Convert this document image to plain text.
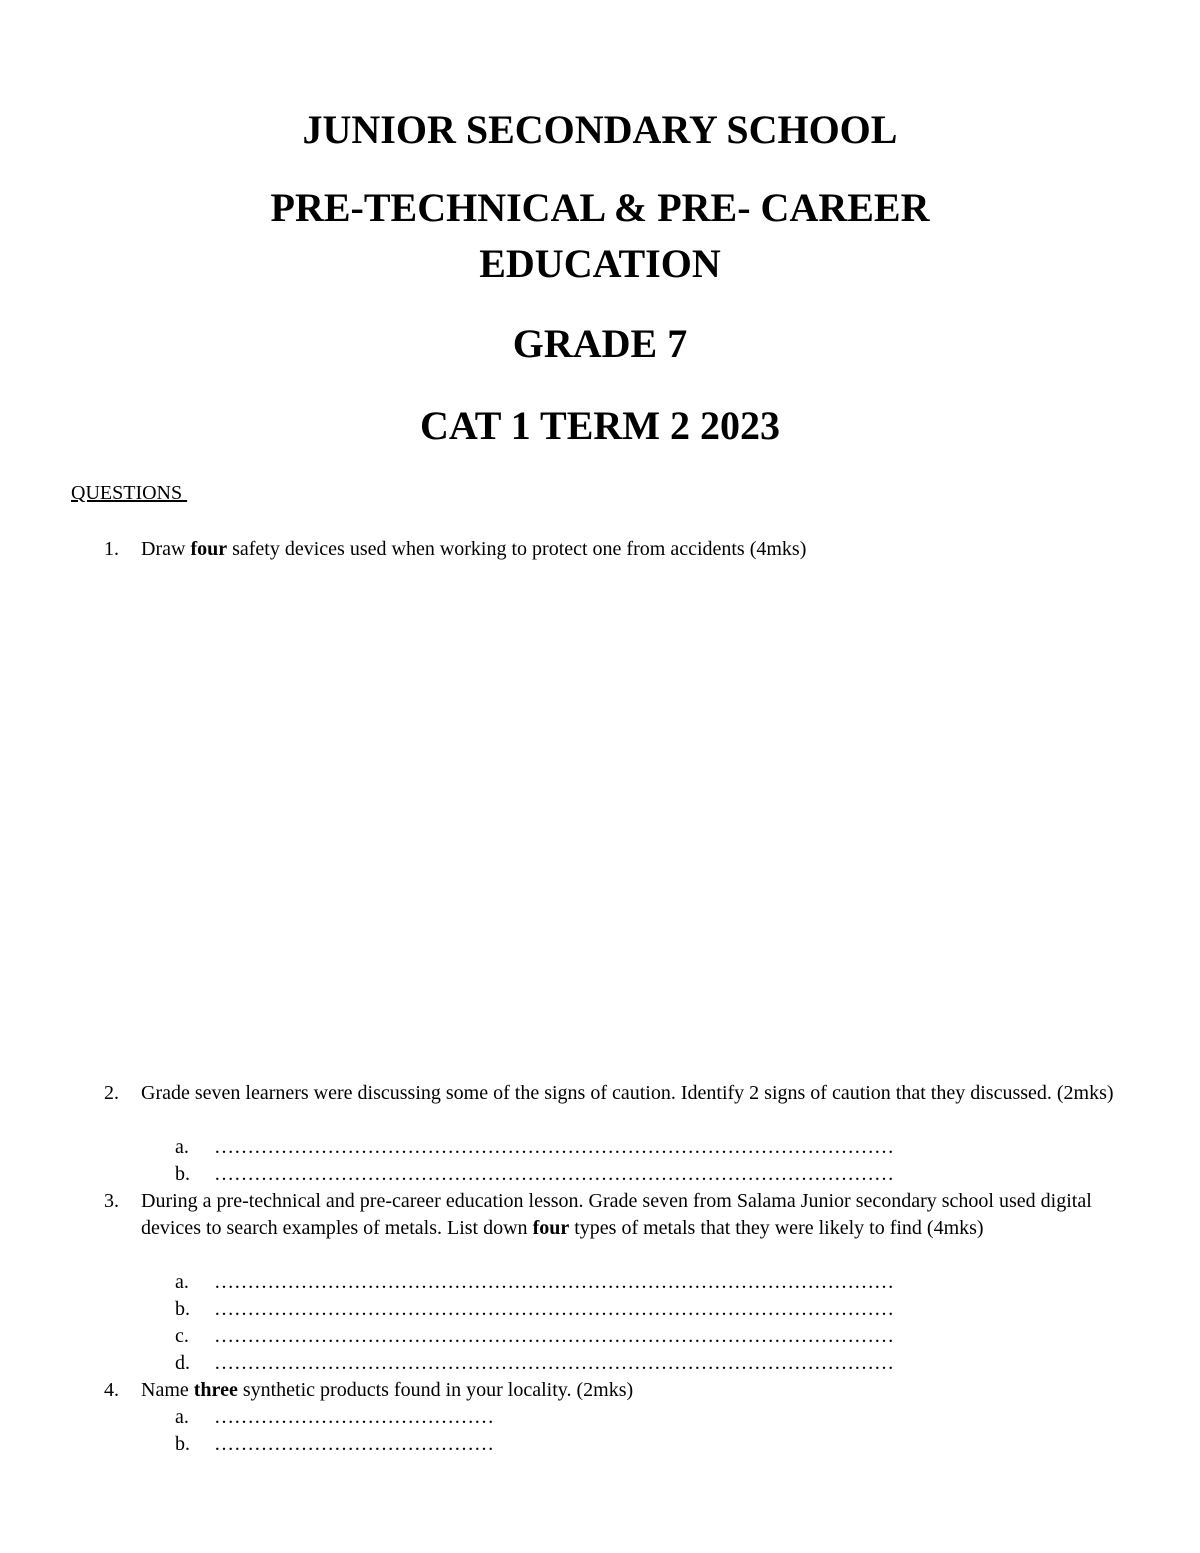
JUNIOR SECONDARY SCHOOL
PRE-TECHNICAL & PRE- CAREER
EDUCATION
GRADE 7
CAT 1 TERM 2 2023
QUESTIONS
1. Draw four safety devices used when working to protect one from accidents (4mks)
2. Grade seven learners were discussing some of the signs of caution. Identify 2 signs of caution that they discussed. (2mks)
a. …………………………………………………………………………………………
b. …………………………………………………………………………………………
3. During a pre-technical and pre-career education lesson. Grade seven from Salama Junior secondary school used digital devices to search examples of metals. List down four types of metals that they were likely to find (4mks)
a. …………………………………………………………………………………………
b. …………………………………………………………………………………………
c. …………………………………………………………………………………………
d. …………………………………………………………………………………………
4. Name three synthetic products found in your locality. (2mks)
a. ……………………………………
b. ……………………………………
